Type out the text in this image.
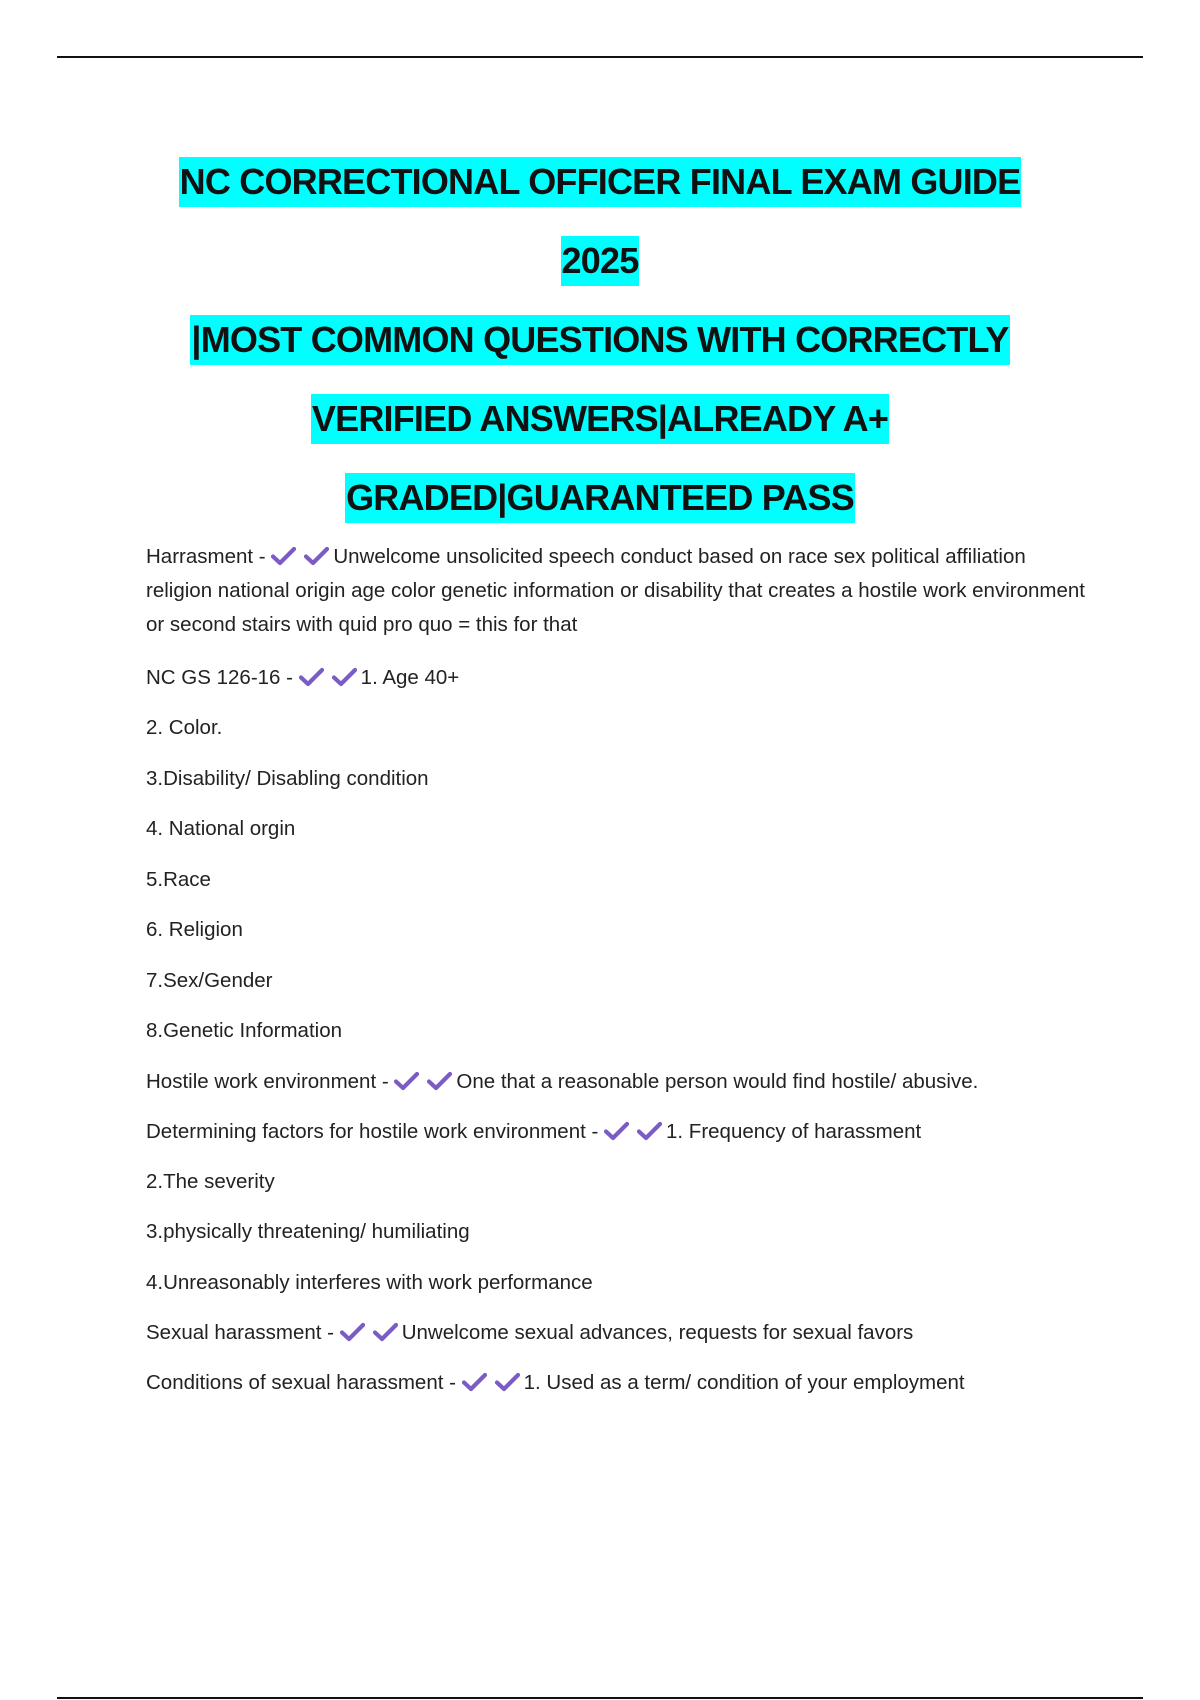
NC CORRECTIONAL OFFICER FINAL EXAM GUIDE
2025
|MOST COMMON QUESTIONS WITH CORRECTLY
VERIFIED ANSWERS|ALREADY A+
GRADED|GUARANTEED PASS
Harrasment -	Unwelcome unsolicited speech conduct based on race sex political affiliation religion national origin age color genetic information or disability that creates a hostile work environment or second stairs with quid pro quo = this for that
NC GS 126-16 -	1. Age 40+
2. Color.
3.Disability/ Disabling condition
4. National orgin
5.Race
6. Religion
7.Sex/Gender
8.Genetic Information
Hostile work environment -	One that a reasonable person would find hostile/ abusive.
Determining factors for hostile work environment -	1. Frequency of harassment
2.The severity
3.physically threatening/ humiliating
4.Unreasonably interferes with work performance
Sexual harassment -	Unwelcome sexual advances, requests for sexual favors
Conditions of sexual harassment -	1. Used as a term/ condition of your employment
